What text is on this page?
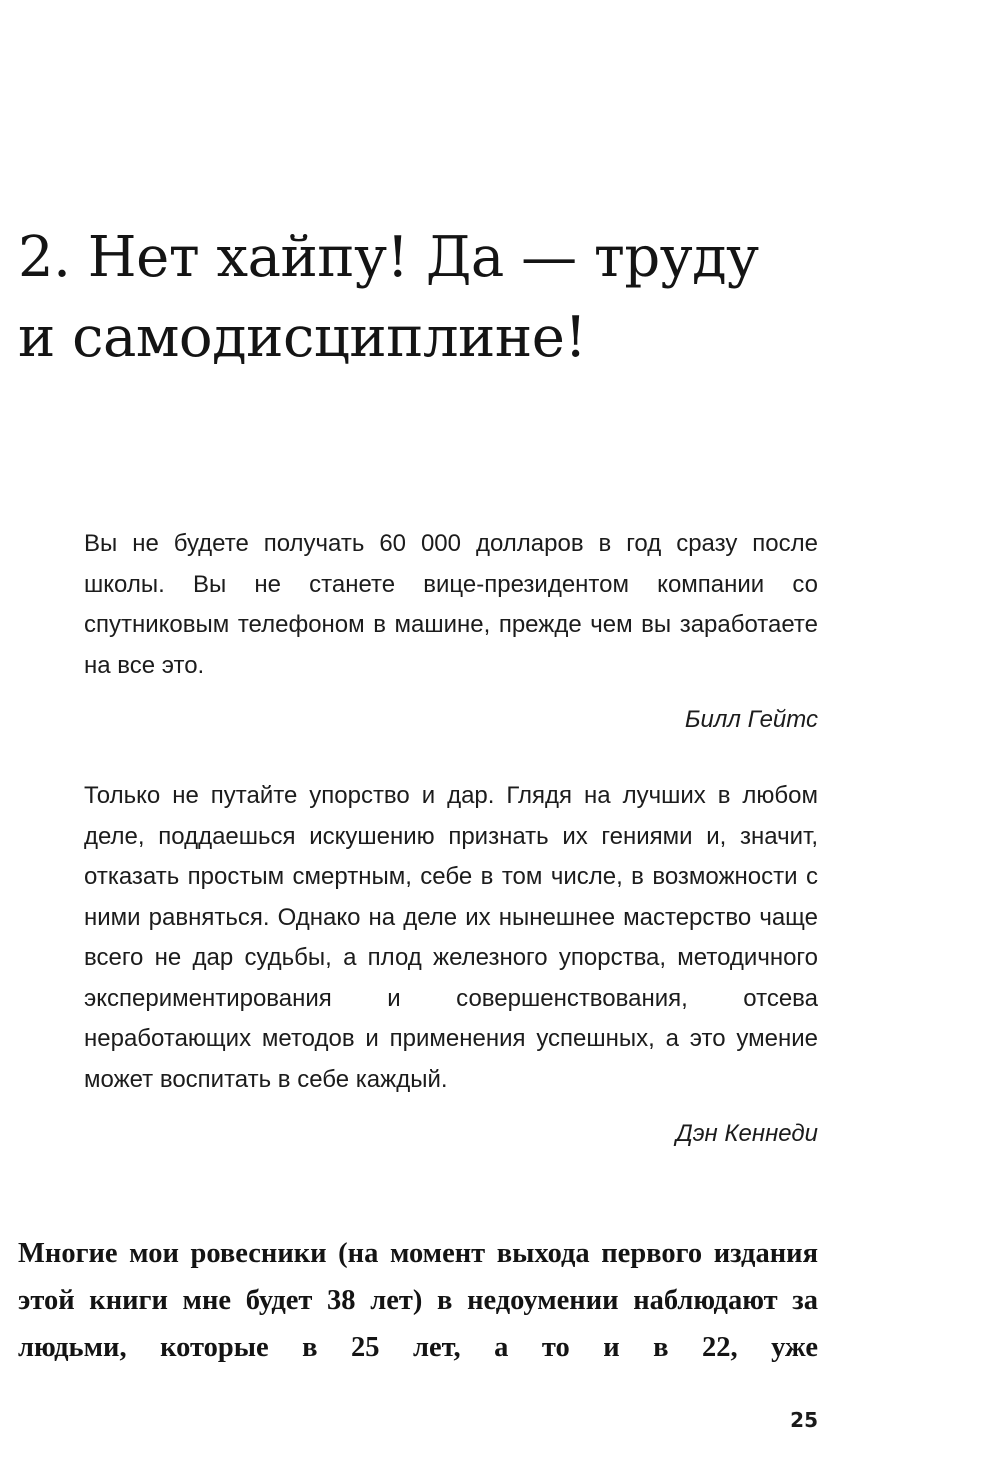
2. Нет хайпу! Да — труду
и самодисциплине!

Вы не будете получать 60 000 долларов в год сразу после школы. Вы не станете вице-президентом компании со спутниковым телефоном в машине, прежде чем вы заработаете на все это.

Билл Гейтс

Только не путайте упорство и дар. Глядя на лучших в любом деле, поддаешься искушению признать их гениями и, значит, отказать простым смертным, себе в том числе, в возможности с ними равняться. Однако на деле их нынешнее мастерство чаще всего не дар судьбы, а плод железного упорства, методичного экспериментирования и совершенствования, отсева неработающих методов и применения успешных, а это умение может воспитать в себе каждый.

Дэн Кеннеди

Многие мои ровесники (на момент выхода первого издания этой книги мне будет 38 лет) в недоумении наблюдают за людьми, которые в 25 лет, а то и в 22, уже

25
